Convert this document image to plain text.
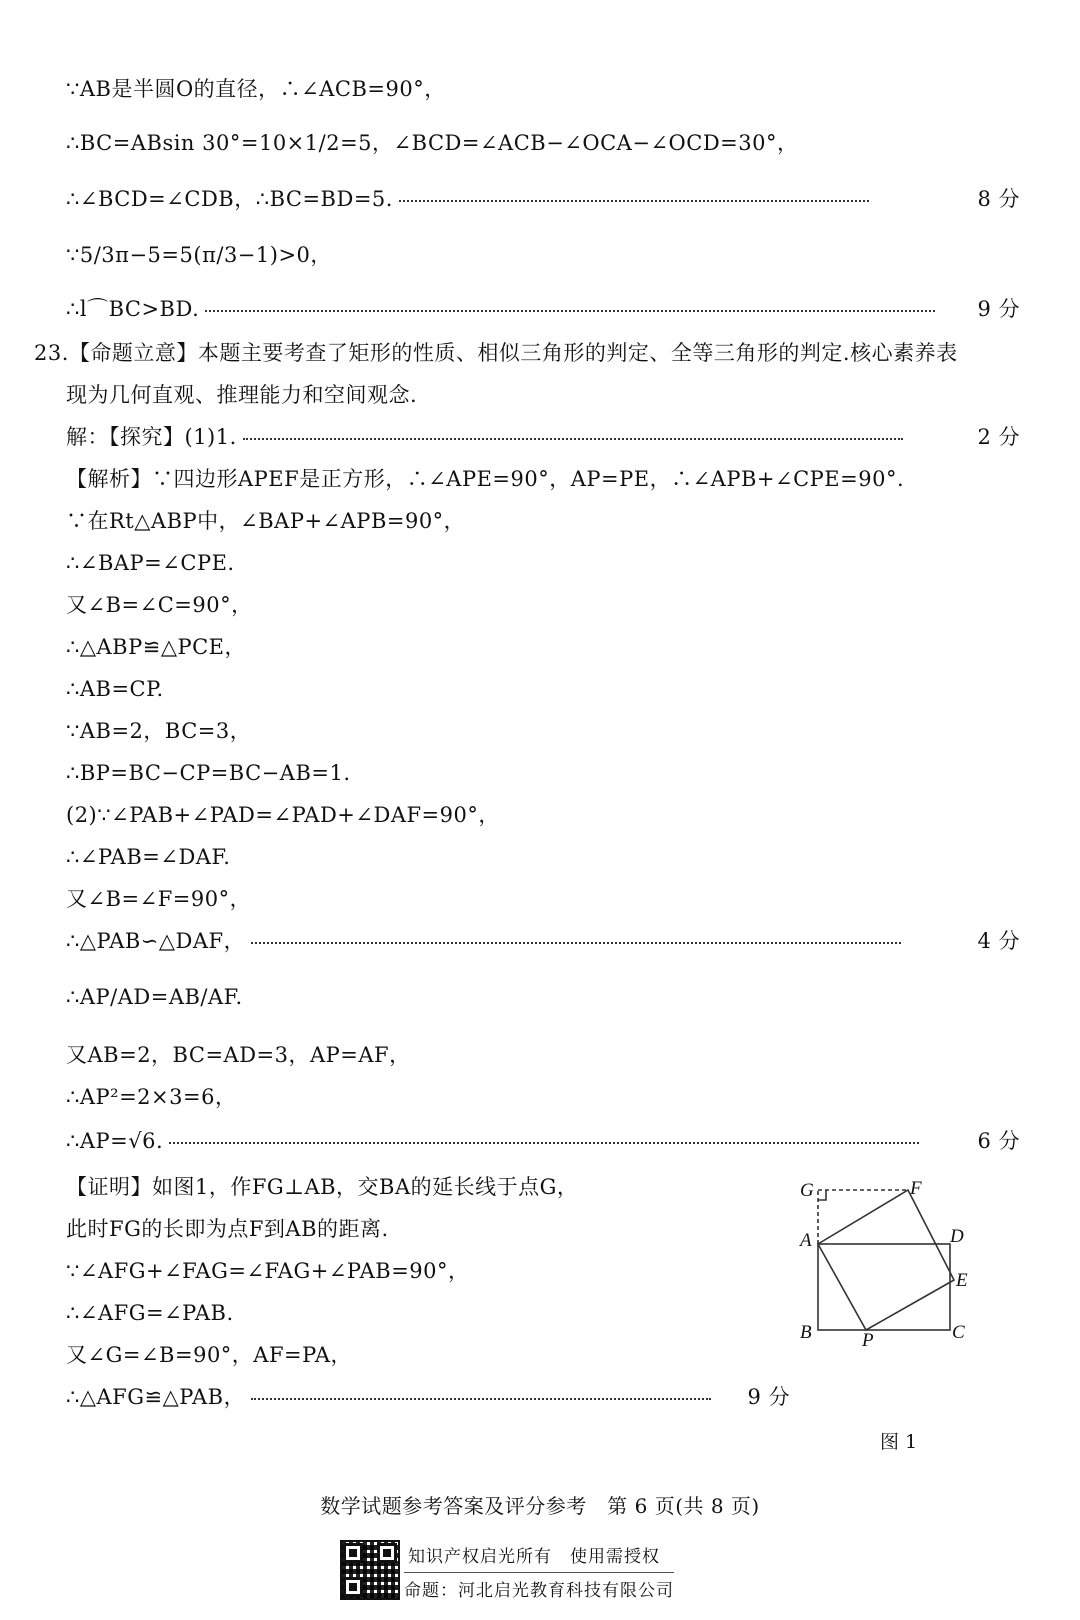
∵AB是半圆O的直径，∴∠ACB=90°，
∴BC=ABsin 30°=10×1/2=5，∠BCD=∠ACB−∠OCA−∠OCD=30°，
∴∠BCD=∠CDB，∴BC=BD=5.	8 分
∵5/3π−5=5(π/3−1)>0，
∴l⌒BC>BD.	9 分
23.【命题立意】本题主要考查了矩形的性质、相似三角形的判定、全等三角形的判定.核心素养表
现为几何直观、推理能力和空间观念.
解：【探究】(1)1.	2 分
【解析】∵四边形APEF是正方形，∴∠APE=90°，AP=PE，∴∠APB+∠CPE=90°.
∵在Rt△ABP中，∠BAP+∠APB=90°，
∴∠BAP=∠CPE.
又∠B=∠C=90°，
∴△ABP≌△PCE，
∴AB=CP.
∵AB=2，BC=3，
∴BP=BC−CP=BC−AB=1.
(2)∵∠PAB+∠PAD=∠PAD+∠DAF=90°，
∴∠PAB=∠DAF.
又∠B=∠F=90°，
∴△PAB∽△DAF，	4 分
∴AP/AD=AB/AF.
又AB=2，BC=AD=3，AP=AF，
∴AP²=2×3=6，
∴AP=√6.	6 分
【证明】如图1，作FG⊥AB，交BA的延长线于点G，
此时FG的长即为点F到AB的距离.
∵∠AFG+∠FAG=∠FAG+∠PAB=90°，
∴∠AFG=∠PAB.
又∠G=∠B=90°，AF=PA，
∴△AFG≌△PAB，	9 分
G	F
A	D
E
B	P	C
图 1
数学试题参考答案及评分参考　第 6 页(共 8 页)
知识产权启光所有　使用需授权
命题：河北启光教育科技有限公司
